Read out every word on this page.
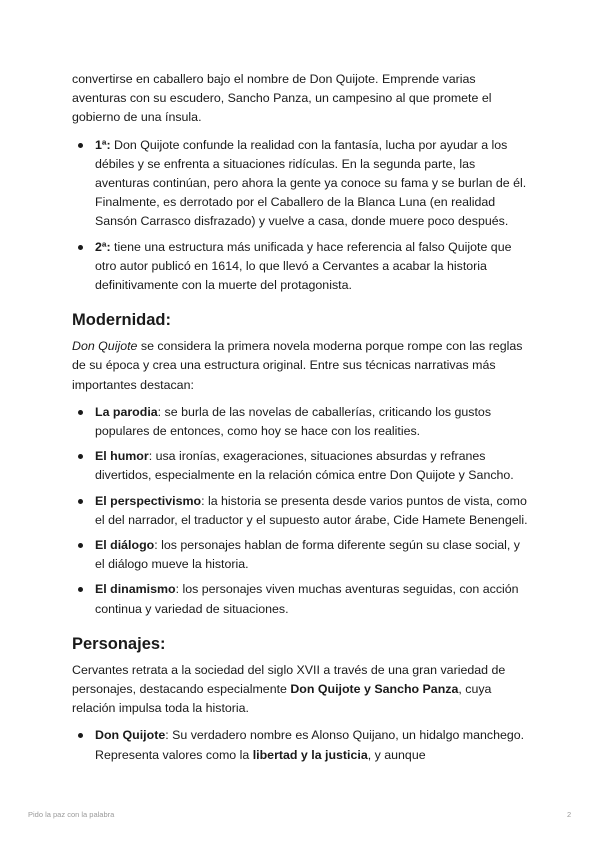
convertirse en caballero bajo el nombre de Don Quijote. Emprende varias aventuras con su escudero, Sancho Panza, un campesino al que promete el gobierno de una ínsula.

1ª: Don Quijote confunde la realidad con la fantasía, lucha por ayudar a los débiles y se enfrenta a situaciones ridículas. En la segunda parte, las aventuras continúan, pero ahora la gente ya conoce su fama y se burlan de él. Finalmente, es derrotado por el Caballero de la Blanca Luna (en realidad Sansón Carrasco disfrazado) y vuelve a casa, donde muere poco después.
2ª: tiene una estructura más unificada y hace referencia al falso Quijote que otro autor publicó en 1614, lo que llevó a Cervantes a acabar la historia definitivamente con la muerte del protagonista.
Modernidad:

Don Quijote se considera la primera novela moderna porque rompe con las reglas de su época y crea una estructura original. Entre sus técnicas narrativas más importantes destacan:

La parodia: se burla de las novelas de caballerías, criticando los gustos populares de entonces, como hoy se hace con los realities.
El humor: usa ironías, exageraciones, situaciones absurdas y refranes divertidos, especialmente en la relación cómica entre Don Quijote y Sancho.
El perspectivismo: la historia se presenta desde varios puntos de vista, como el del narrador, el traductor y el supuesto autor árabe, Cide Hamete Benengeli.
El diálogo: los personajes hablan de forma diferente según su clase social, y el diálogo mueve la historia.
El dinamismo: los personajes viven muchas aventuras seguidas, con acción continua y variedad de situaciones.
Personajes:

Cervantes retrata a la sociedad del siglo XVII a través de una gran variedad de personajes, destacando especialmente Don Quijote y Sancho Panza, cuya relación impulsa toda la historia.

Don Quijote: Su verdadero nombre es Alonso Quijano, un hidalgo manchego. Representa valores como la libertad y la justicia, y aunque
Pido la paz con la palabra	2
